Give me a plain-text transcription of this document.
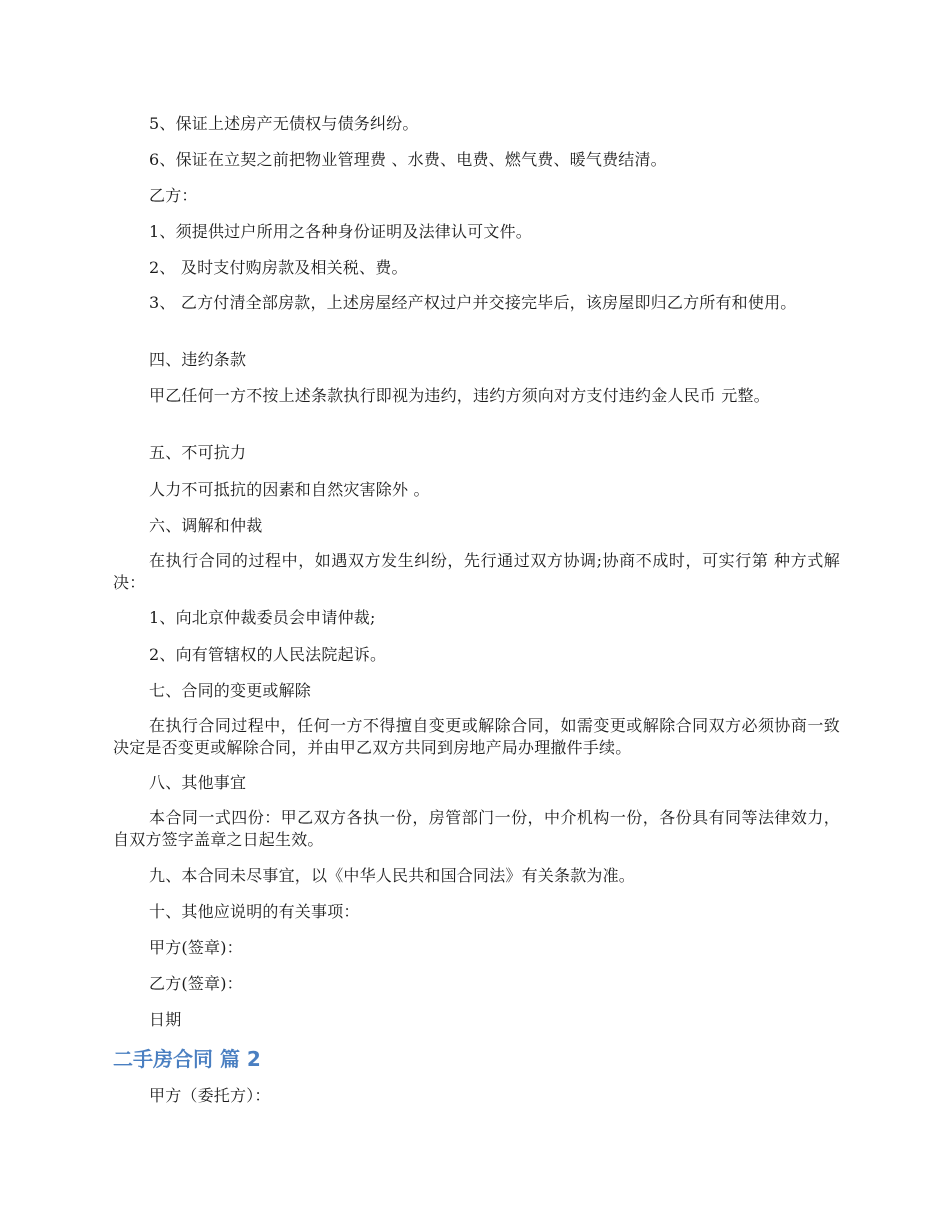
5、保证上述房产无债权与债务纠纷。
6、保证在立契之前把物业管理费 、水费、电费、燃气费、暖气费结清。
乙方：
1、须提供过户所用之各种身份证明及法律认可文件。
2、 及时支付购房款及相关税、费。
3、 乙方付清全部房款，上述房屋经产权过户并交接完毕后，该房屋即归乙方所有和使用。
四、违约条款
甲乙任何一方不按上述条款执行即视为违约，违约方须向对方支付违约金人民币 元整。
五、不可抗力
人力不可抵抗的因素和自然灾害除外 。
六、调解和仲裁
在执行合同的过程中，如遇双方发生纠纷，先行通过双方协调;协商不成时，可实行第 种方式解决：
1、向北京仲裁委员会申请仲裁;
2、向有管辖权的人民法院起诉。
七、合同的变更或解除
在执行合同过程中，任何一方不得擅自变更或解除合同，如需变更或解除合同双方必须协商一致决定是否变更或解除合同，并由甲乙双方共同到房地产局办理撤件手续。
八、其他事宜
本合同一式四份：甲乙双方各执一份，房管部门一份，中介机构一份，各份具有同等法律效力，自双方签字盖章之日起生效。
九、本合同未尽事宜，以《中华人民共和国合同法》有关条款为准。
十、其他应说明的有关事项：
甲方(签章)：
乙方(签章)：
日期
二手房合同 篇 2
甲方（委托方）：
